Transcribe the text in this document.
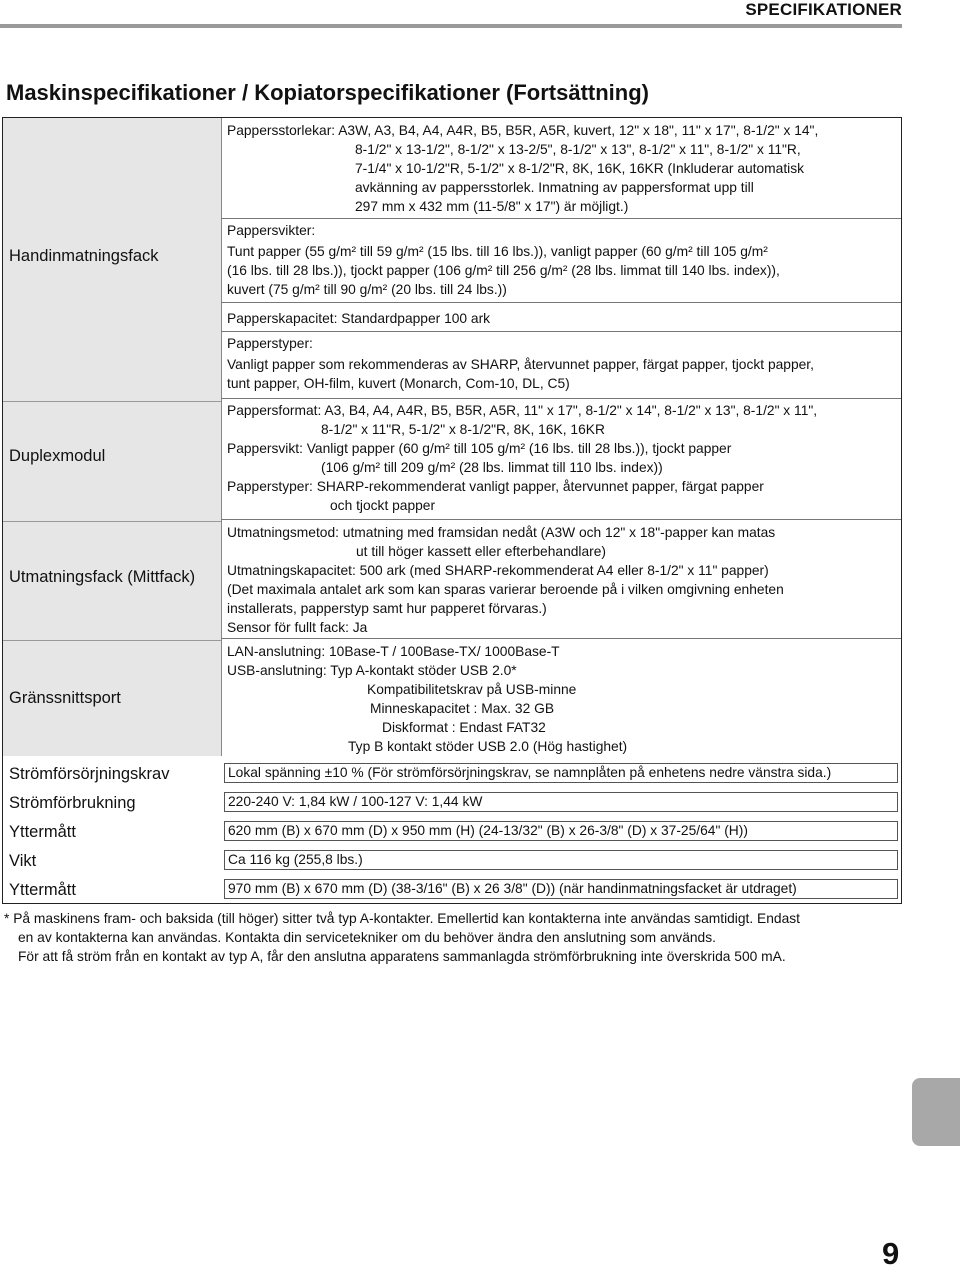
SPECIFIKATIONER
Maskinspecifikationer / Kopiatorspecifikationer (Fortsättning)
Handinmatningsfack
Duplexmodul
Utmatningsfack (Mittfack)
Gränssnittsport
Strömförsörjningskrav
Strömförbrukning
Yttermått
Vikt
Yttermått
Pappersstorlekar: A3W, A3, B4, A4, A4R, B5, B5R, A5R, kuvert, 12" x 18", 11" x 17", 8-1/2" x 14",
8-1/2" x 13-1/2", 8-1/2" x 13-2/5", 8-1/2" x 13", 8-1/2" x 11", 8-1/2" x 11"R,
7-1/4" x 10-1/2"R, 5-1/2" x 8-1/2"R, 8K, 16K, 16KR (Inkluderar automatisk
avkänning av pappersstorlek. Inmatning av pappersformat upp till
297 mm x 432 mm (11-5/8" x 17") är möjligt.)
Pappersvikter:
Tunt papper (55 g/m² till 59 g/m² (15 lbs. till 16 lbs.)), vanligt papper (60 g/m² till 105 g/m²
(16 lbs. till 28 lbs.)), tjockt papper (106 g/m² till 256 g/m² (28 lbs. limmat till 140 lbs. index)),
kuvert (75 g/m² till 90 g/m² (20 lbs. till 24 lbs.))
Papperskapacitet: Standardpapper 100 ark
Papperstyper:
Vanligt papper som rekommenderas av SHARP, återvunnet papper, färgat papper, tjockt papper,
tunt papper, OH-film, kuvert (Monarch, Com-10, DL, C5)
Pappersformat: A3, B4, A4, A4R, B5, B5R, A5R, 11" x 17", 8-1/2" x 14", 8-1/2" x 13", 8-1/2" x 11",
8-1/2" x 11"R, 5-1/2" x 8-1/2"R, 8K, 16K, 16KR
Pappersvikt: Vanligt papper (60 g/m² till 105 g/m² (16 lbs. till 28 lbs.)), tjockt papper
(106 g/m² till 209 g/m² (28 lbs. limmat till 110 lbs. index))
Papperstyper: SHARP-rekommenderat vanligt papper, återvunnet papper, färgat papper
och tjockt papper
Utmatningsmetod: utmatning med framsidan nedåt (A3W och 12" x 18"-papper kan matas
ut till höger kassett eller efterbehandlare)
Utmatningskapacitet: 500 ark (med SHARP-rekommenderat A4 eller 8-1/2" x 11" papper)
(Det maximala antalet ark som kan sparas varierar beroende på i vilken omgivning enheten
installerats, papperstyp samt hur papperet förvaras.)
Sensor för fullt fack: Ja
LAN-anslutning: 10Base-T / 100Base-TX/ 1000Base-T
USB-anslutning: Typ A-kontakt stöder USB 2.0*
Kompatibilitetskrav på USB-minne
Minneskapacitet : Max. 32 GB
Diskformat : Endast FAT32
Typ B kontakt stöder USB 2.0 (Hög hastighet)
Lokal spänning ±10 % (För strömförsörjningskrav, se namnplåten på enhetens nedre vänstra sida.)
220-240 V: 1,84 kW / 100-127 V: 1,44 kW
620 mm (B) x 670 mm (D) x 950 mm (H) (24-13/32" (B) x 26-3/8" (D) x 37-25/64" (H))
Ca 116 kg (255,8 lbs.)
970 mm (B) x 670 mm (D) (38-3/16" (B) x 26 3/8" (D)) (när handinmatningsfacket är utdraget)
* På maskinens fram- och baksida (till höger) sitter två typ A-kontakter. Emellertid kan kontakterna inte användas samtidigt. Endast
en av kontakterna kan användas. Kontakta din servicetekniker om du behöver ändra den anslutning som används.
För att få ström från en kontakt av typ A, får den anslutna apparatens sammanlagda strömförbrukning inte överskrida 500 mA.
9
